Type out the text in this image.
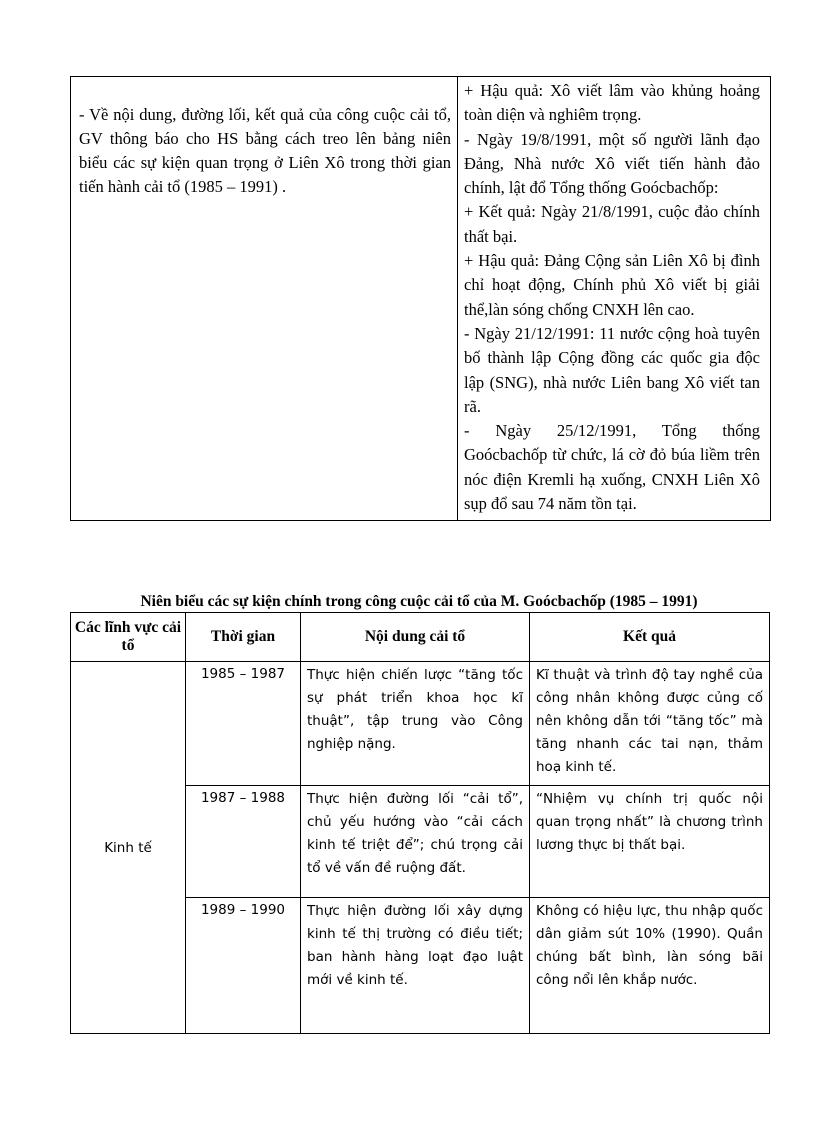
- Về nội dung, đường lối, kết quả của công cuộc cải tổ, GV thông báo cho HS bằng cách treo lên bảng niên biểu các sự kiện quan trọng ở Liên Xô trong thời gian tiến hành cải tổ (1985 – 1991) .

+ Hậu quả: Xô viết lâm vào khủng hoảng toàn diện và nghiêm trọng.

- Ngày 19/8/1991, một số người lãnh đạo Đảng, Nhà nước Xô viết tiến hành đảo chính, lật đổ Tổng thống Goócbachốp:

+ Kết quả: Ngày 21/8/1991, cuộc đảo chính thất bại.

+ Hậu quả: Đảng Cộng sản Liên Xô bị đình chỉ hoạt động, Chính phủ Xô viết bị giải thể,làn sóng chống CNXH lên cao.

- Ngày 21/12/1991: 11 nước cộng hoà tuyên bố thành lập Cộng đồng các quốc gia độc lập (SNG), nhà nước Liên bang Xô viết tan rã.

- Ngày 25/12/1991, Tổng thống Goócbachốp từ chức, lá cờ đỏ búa liềm trên nóc điện Kremli hạ xuống, CNXH Liên Xô sụp đổ sau 74 năm tồn tại.

Niên biểu các sự kiện chính trong công cuộc cải tổ của M. Goócbachốp (1985 – 1991)
Các lĩnh vực cải tổ	Thời gian	Nội dung cải tổ	Kết quả
Kinh tế	1985 – 1987	Thực hiện chiến lược “tăng tốc sự phát triển khoa học kĩ thuật”, tập trung vào Công nghiệp nặng.	Kĩ thuật và trình độ tay nghề của công nhân không được củng cố nên không dẫn tới “tăng tốc” mà tăng nhanh các tai nạn, thảm hoạ kinh tế.
	1987 – 1988	Thực hiện đường lối “cải tổ”, chủ yếu hướng vào “cải cách kinh tế triệt để”; chú trọng cải tổ về vấn đề ruộng đất.	“Nhiệm vụ chính trị quốc nội quan trọng nhất” là chương trình lương thực bị thất bại.
	1989 – 1990	Thực hiện đường lối xây dựng kinh tế thị trường có điều tiết; ban hành hàng loạt đạo luật mới về kinh tế.	Không có hiệu lực, thu nhập quốc dân giảm sút 10% (1990). Quần chúng bất bình, làn sóng bãi công nổi lên khắp nước.
